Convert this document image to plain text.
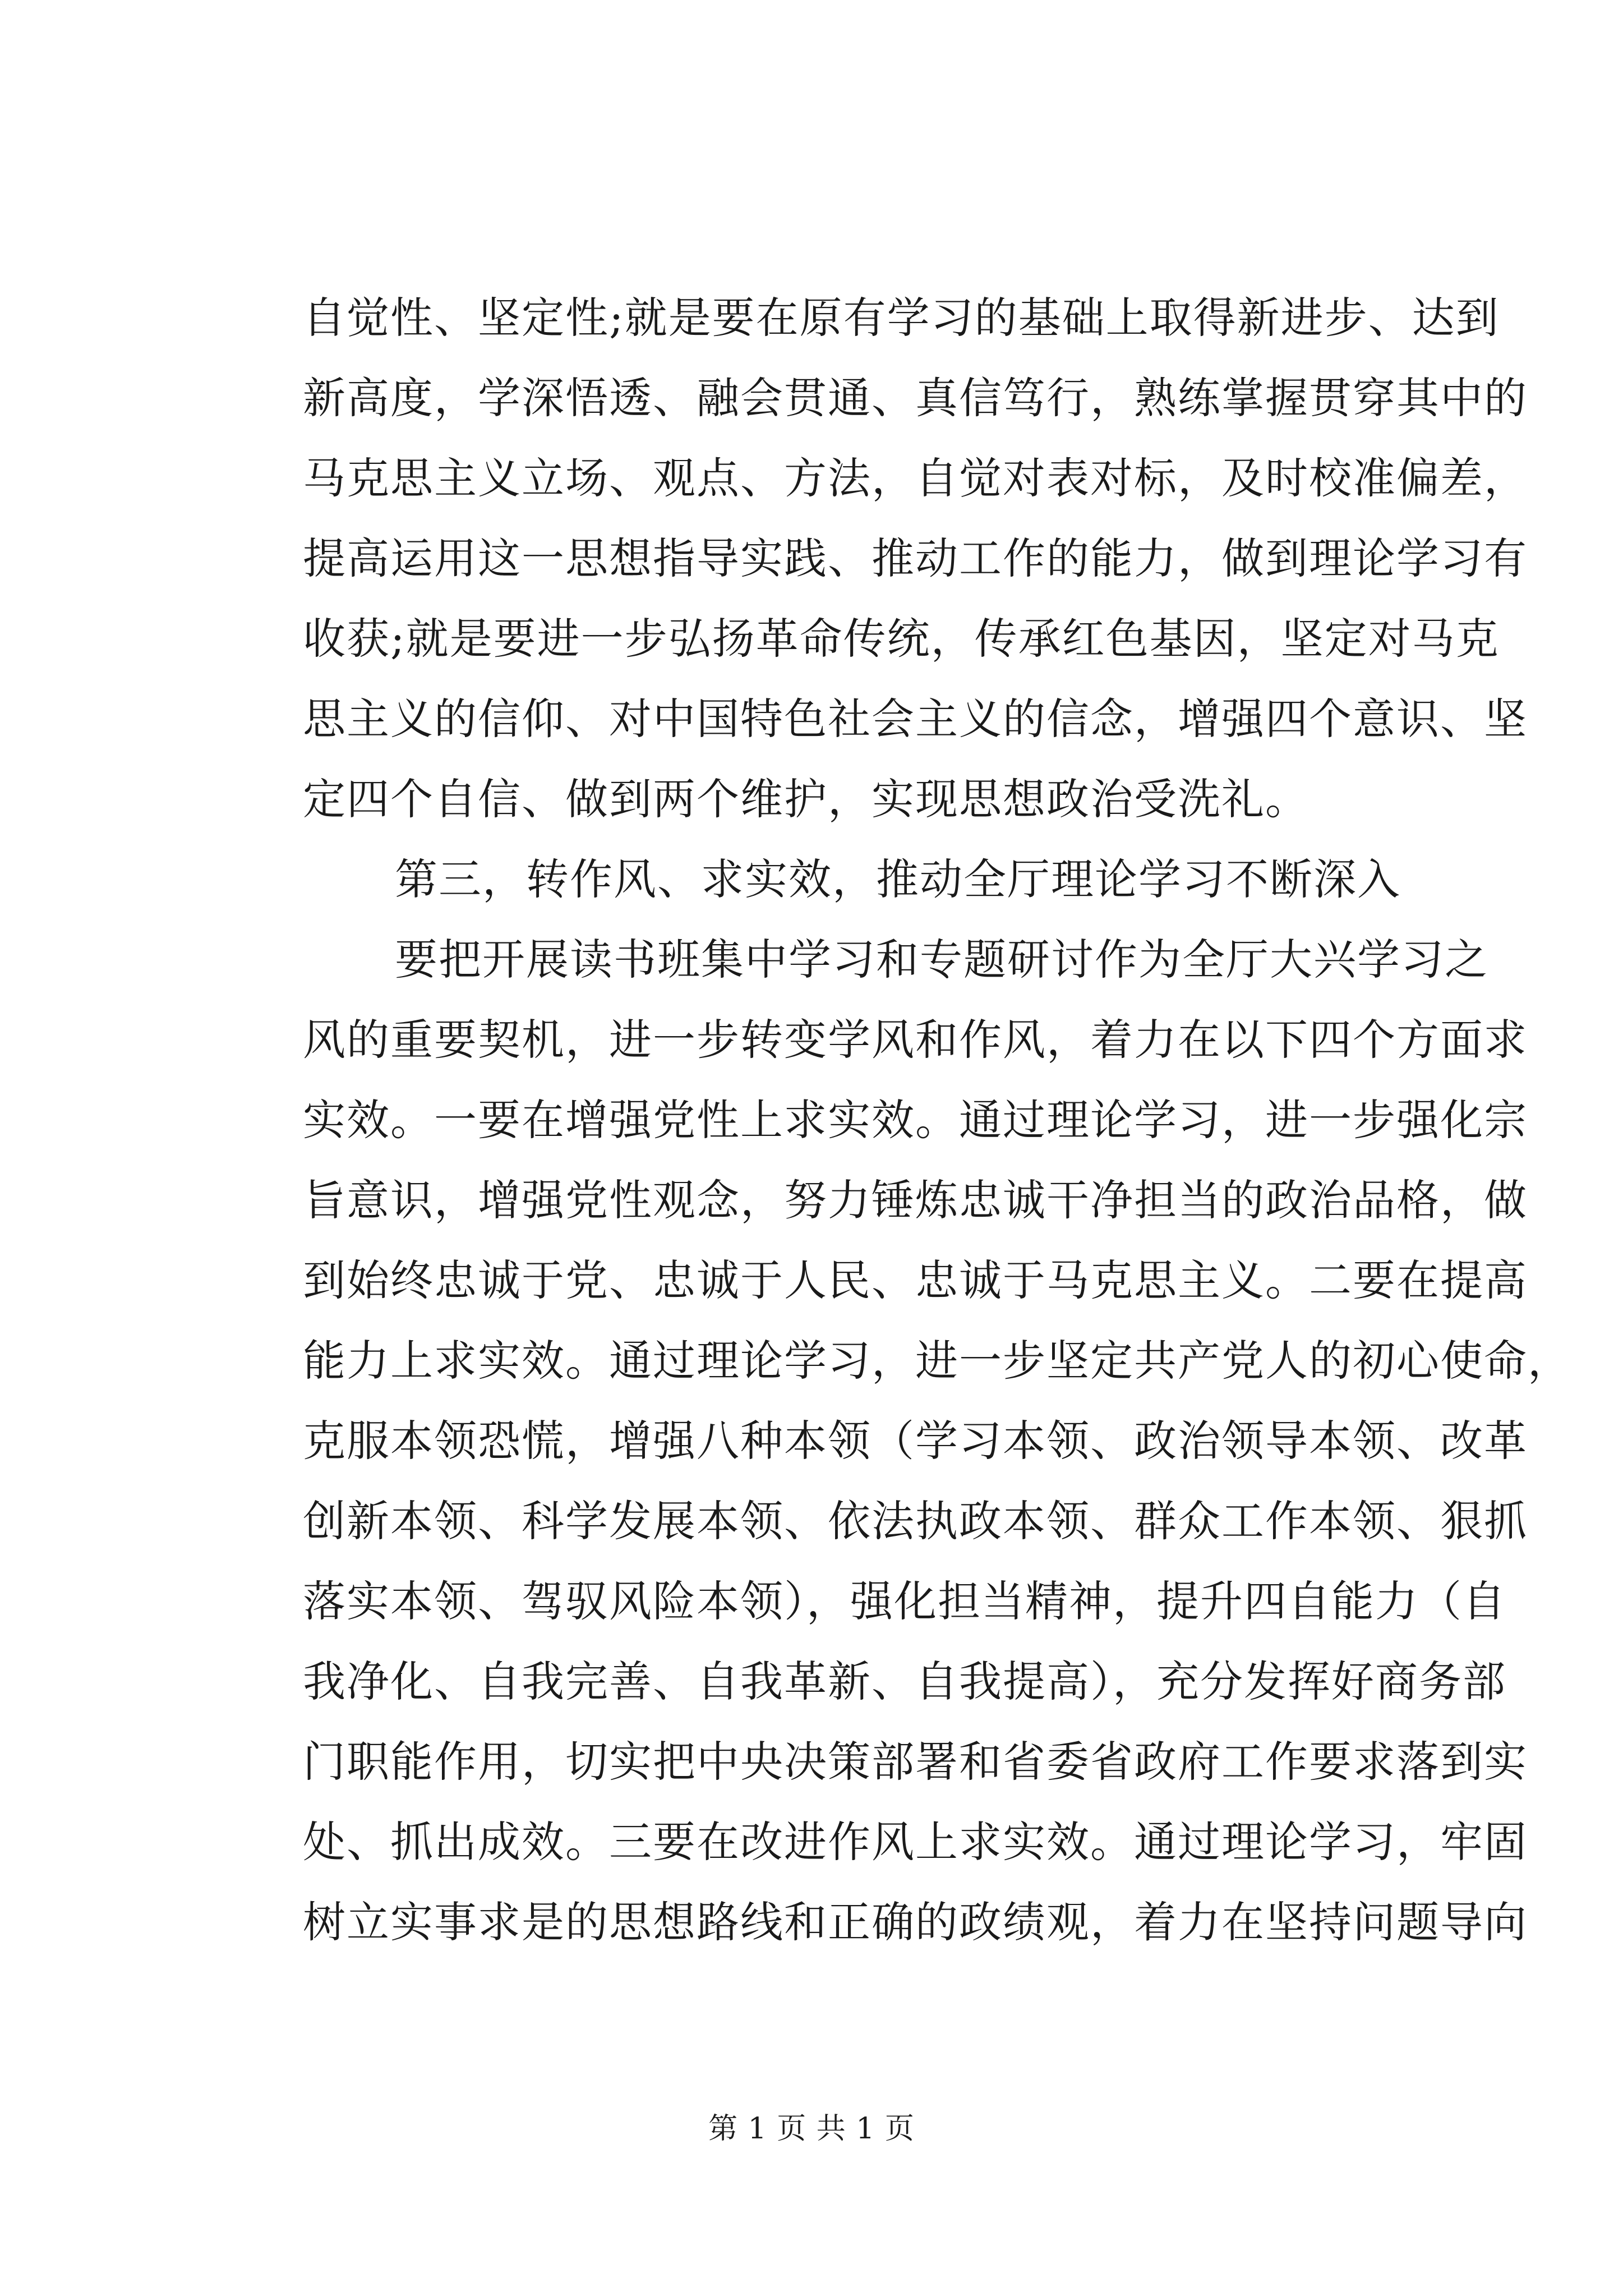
自觉性、坚定性;就是要在原有学习的基础上取得新进步、达到
新高度，学深悟透、融会贯通、真信笃行，熟练掌握贯穿其中的
马克思主义立场、观点、方法，自觉对表对标，及时校准偏差，
提高运用这一思想指导实践、推动工作的能力，做到理论学习有
收获;就是要进一步弘扬革命传统，传承红色基因，坚定对马克
思主义的信仰、对中国特色社会主义的信念，增强四个意识、坚
定四个自信、做到两个维护，实现思想政治受洗礼。
第三，转作风、求实效，推动全厅理论学习不断深入
要把开展读书班集中学习和专题研讨作为全厅大兴学习之
风的重要契机，进一步转变学风和作风，着力在以下四个方面求
实效。一要在增强党性上求实效。通过理论学习，进一步强化宗
旨意识，增强党性观念，努力锤炼忠诚干净担当的政治品格，做
到始终忠诚于党、忠诚于人民、忠诚于马克思主义。二要在提高
能力上求实效。通过理论学习，进一步坚定共产党人的初心使命，
克服本领恐慌，增强八种本领（学习本领、政治领导本领、改革
创新本领、科学发展本领、依法执政本领、群众工作本领、狠抓
落实本领、驾驭风险本领），强化担当精神，提升四自能力（自
我净化、自我完善、自我革新、自我提高），充分发挥好商务部
门职能作用，切实把中央决策部署和省委省政府工作要求落到实
处、抓出成效。三要在改进作风上求实效。通过理论学习，牢固
树立实事求是的思想路线和正确的政绩观，着力在坚持问题导向
第 1 页 共 1 页
